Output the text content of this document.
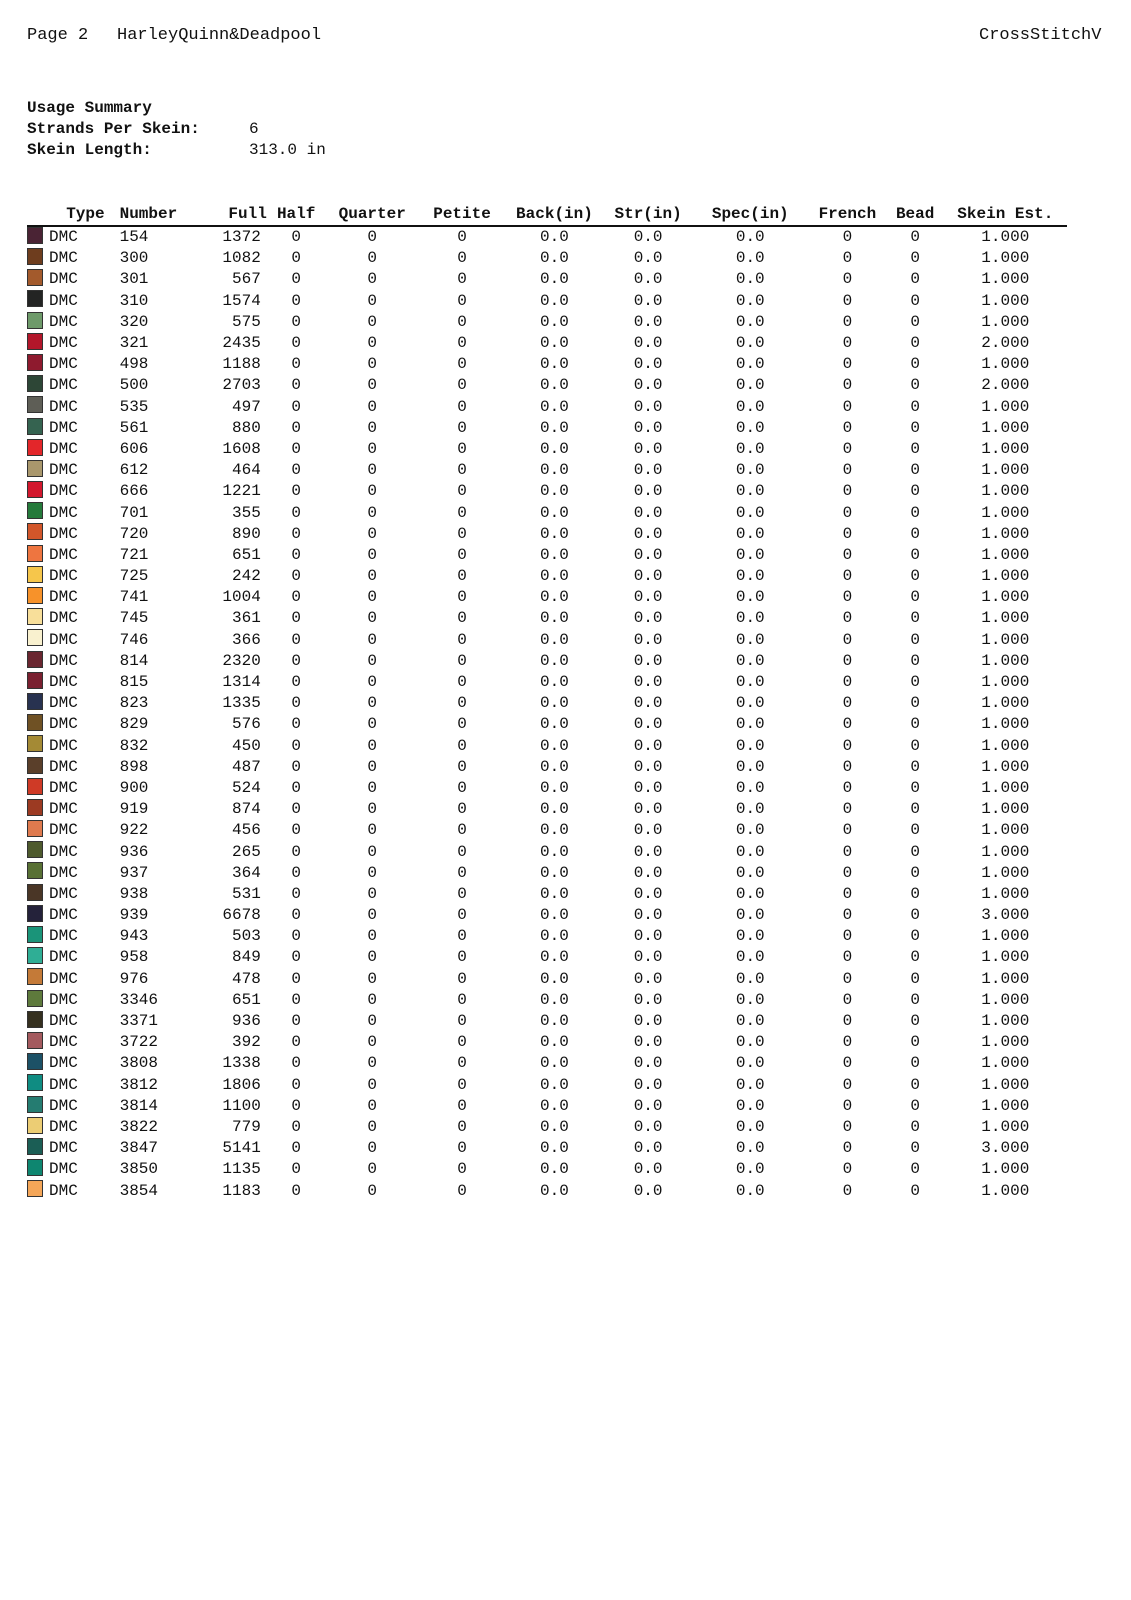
Page 2 HarleyQuinn&Deadpool	CrossStitchV
Usage Summary
Strands Per Skein:	6
Skein Length:	313.0 in
Type	Number	Full	Half	Quarter	Petite	Back(in)	Str(in)	Spec(in)	French	Bead	Skein Est.
DMC	154	1372	0	0	0	0.0	0.0	0.0	0	0	1.000
DMC	300	1082	0	0	0	0.0	0.0	0.0	0	0	1.000
DMC	301	567	0	0	0	0.0	0.0	0.0	0	0	1.000
DMC	310	1574	0	0	0	0.0	0.0	0.0	0	0	1.000
DMC	320	575	0	0	0	0.0	0.0	0.0	0	0	1.000
DMC	321	2435	0	0	0	0.0	0.0	0.0	0	0	2.000
DMC	498	1188	0	0	0	0.0	0.0	0.0	0	0	1.000
DMC	500	2703	0	0	0	0.0	0.0	0.0	0	0	2.000
DMC	535	497	0	0	0	0.0	0.0	0.0	0	0	1.000
DMC	561	880	0	0	0	0.0	0.0	0.0	0	0	1.000
DMC	606	1608	0	0	0	0.0	0.0	0.0	0	0	1.000
DMC	612	464	0	0	0	0.0	0.0	0.0	0	0	1.000
DMC	666	1221	0	0	0	0.0	0.0	0.0	0	0	1.000
DMC	701	355	0	0	0	0.0	0.0	0.0	0	0	1.000
DMC	720	890	0	0	0	0.0	0.0	0.0	0	0	1.000
DMC	721	651	0	0	0	0.0	0.0	0.0	0	0	1.000
DMC	725	242	0	0	0	0.0	0.0	0.0	0	0	1.000
DMC	741	1004	0	0	0	0.0	0.0	0.0	0	0	1.000
DMC	745	361	0	0	0	0.0	0.0	0.0	0	0	1.000
DMC	746	366	0	0	0	0.0	0.0	0.0	0	0	1.000
DMC	814	2320	0	0	0	0.0	0.0	0.0	0	0	1.000
DMC	815	1314	0	0	0	0.0	0.0	0.0	0	0	1.000
DMC	823	1335	0	0	0	0.0	0.0	0.0	0	0	1.000
DMC	829	576	0	0	0	0.0	0.0	0.0	0	0	1.000
DMC	832	450	0	0	0	0.0	0.0	0.0	0	0	1.000
DMC	898	487	0	0	0	0.0	0.0	0.0	0	0	1.000
DMC	900	524	0	0	0	0.0	0.0	0.0	0	0	1.000
DMC	919	874	0	0	0	0.0	0.0	0.0	0	0	1.000
DMC	922	456	0	0	0	0.0	0.0	0.0	0	0	1.000
DMC	936	265	0	0	0	0.0	0.0	0.0	0	0	1.000
DMC	937	364	0	0	0	0.0	0.0	0.0	0	0	1.000
DMC	938	531	0	0	0	0.0	0.0	0.0	0	0	1.000
DMC	939	6678	0	0	0	0.0	0.0	0.0	0	0	3.000
DMC	943	503	0	0	0	0.0	0.0	0.0	0	0	1.000
DMC	958	849	0	0	0	0.0	0.0	0.0	0	0	1.000
DMC	976	478	0	0	0	0.0	0.0	0.0	0	0	1.000
DMC	3346	651	0	0	0	0.0	0.0	0.0	0	0	1.000
DMC	3371	936	0	0	0	0.0	0.0	0.0	0	0	1.000
DMC	3722	392	0	0	0	0.0	0.0	0.0	0	0	1.000
DMC	3808	1338	0	0	0	0.0	0.0	0.0	0	0	1.000
DMC	3812	1806	0	0	0	0.0	0.0	0.0	0	0	1.000
DMC	3814	1100	0	0	0	0.0	0.0	0.0	0	0	1.000
DMC	3822	779	0	0	0	0.0	0.0	0.0	0	0	1.000
DMC	3847	5141	0	0	0	0.0	0.0	0.0	0	0	3.000
DMC	3850	1135	0	0	0	0.0	0.0	0.0	0	0	1.000
DMC	3854	1183	0	0	0	0.0	0.0	0.0	0	0	1.000
